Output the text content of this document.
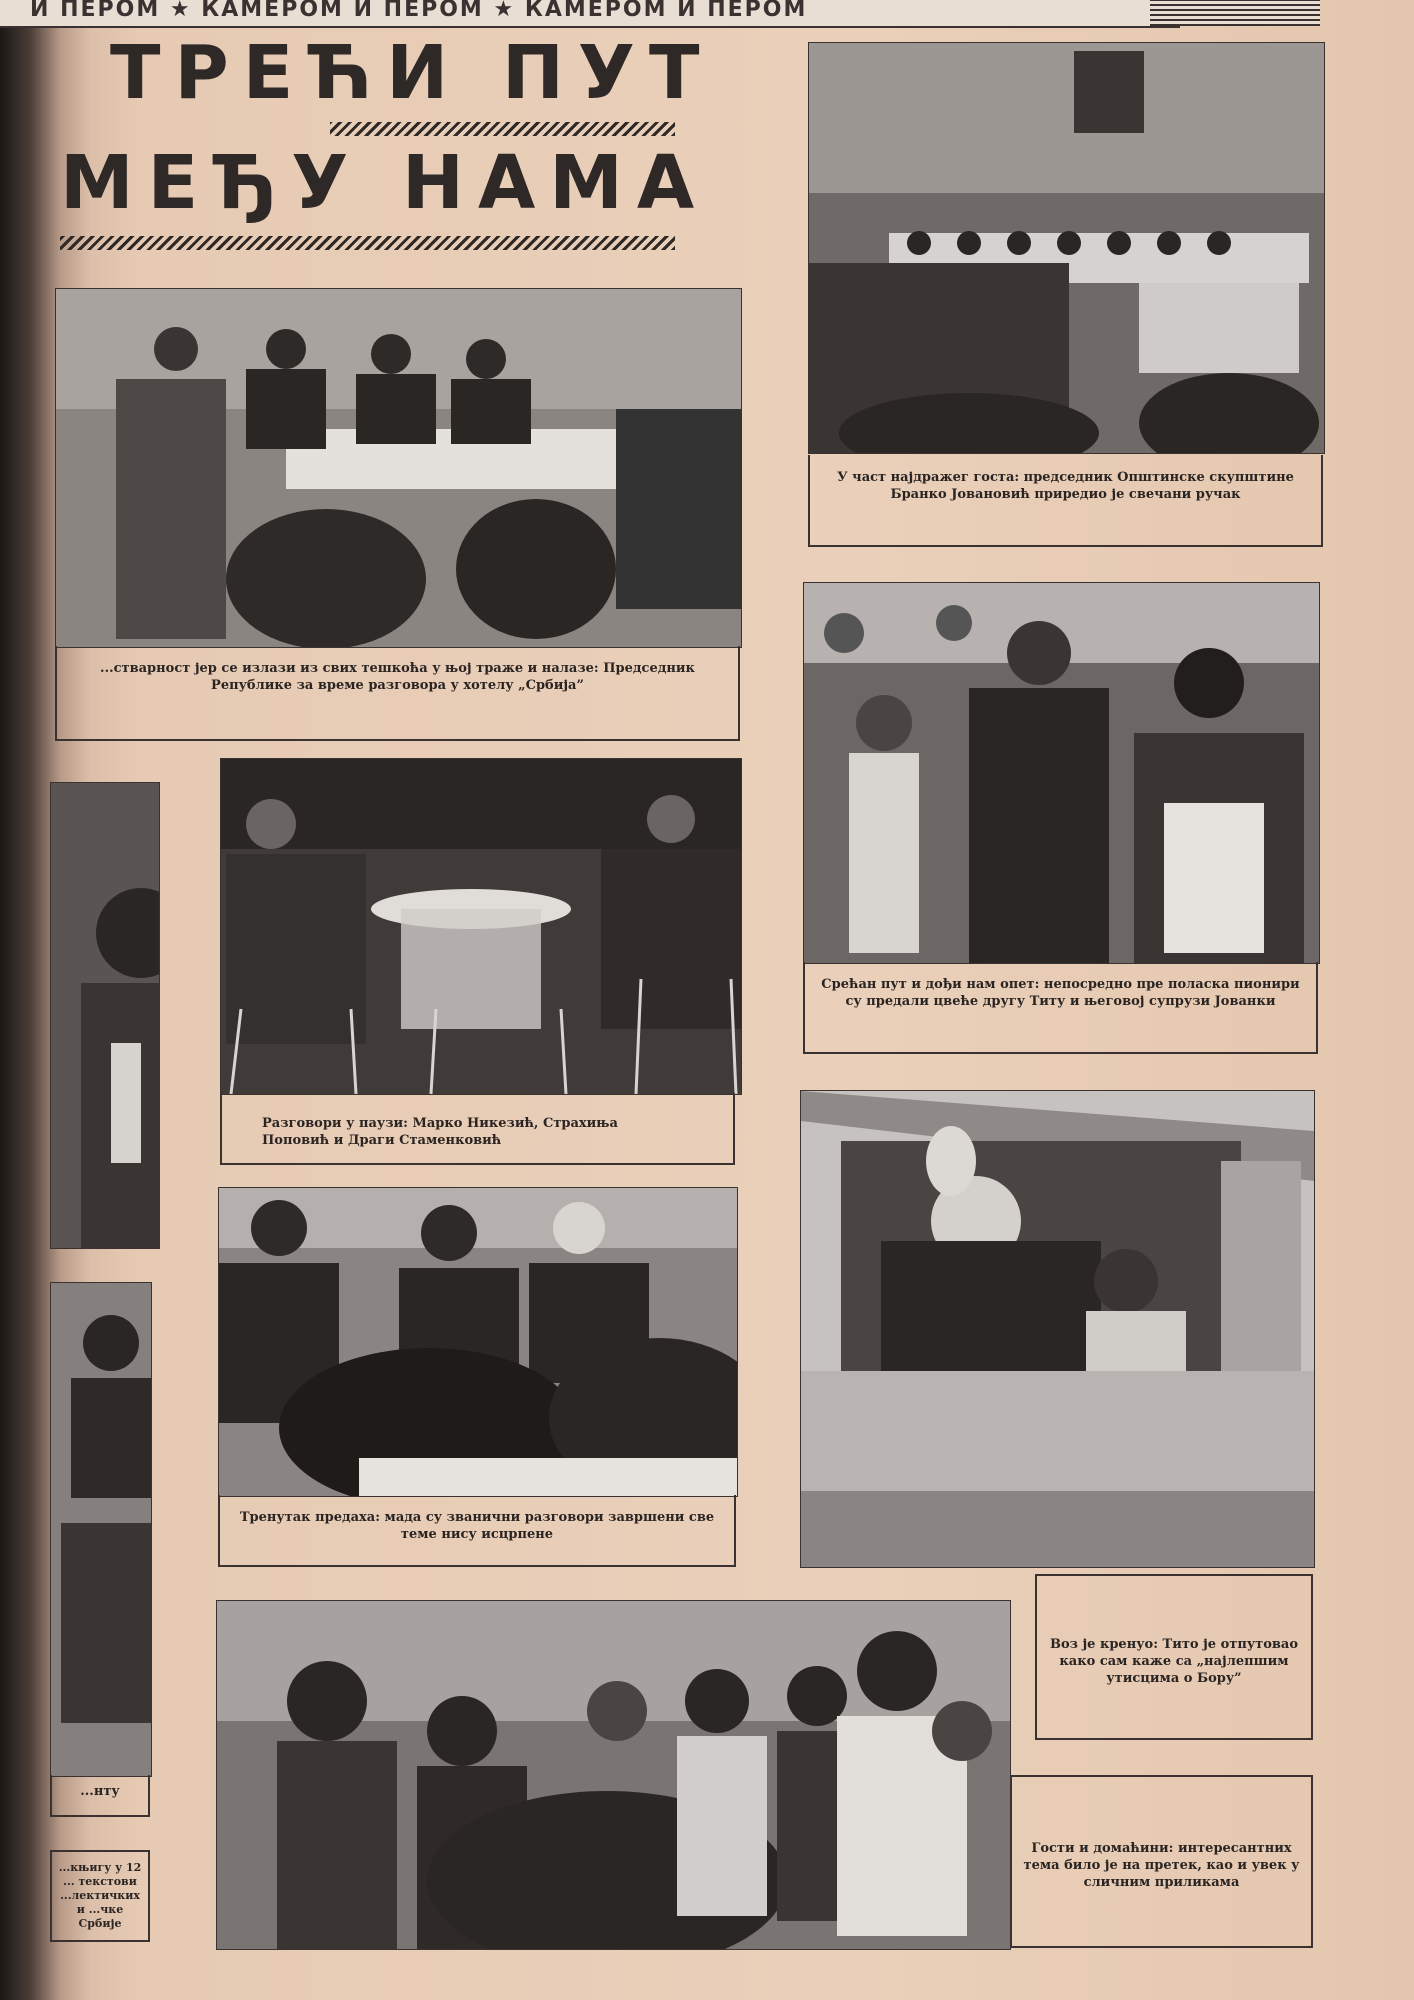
И ПЕРОМ ★ КАМЕРОМ И ПЕРОМ ★ КАМЕРОМ И ПЕРОМ
ТРЕЋИ ПУТ
МЕЂУ НАМА
...стварност јер се излази из свих тешкоћа у њој траже и налазе: Председник Републике за време разговора у хотелу „Србија”
У част најдражег госта: председник Општинске скупштине Бранко Јовановић приредио је свечани ручак
Срећан пут и дођи нам опет: непосредно пре поласка пионири су предали цвеће другу Титу и његовој супрузи Јованки
Разговори у паузи: Марко Никезић, Страхиња Поповић и Драги Стаменковић
Тренутак предаха: мада су званични разговори завршени све теме нису исцрпене
Воз је кренуо: Тито је отпутовао како сам каже са „најлепшим утисцима о Бору”
Гости и домаћини: интересантних тема било је на претек, као и увек у сличним приликама
...нту
...књигу у 12 ... текстови ...лектичких и ...чке Србије
